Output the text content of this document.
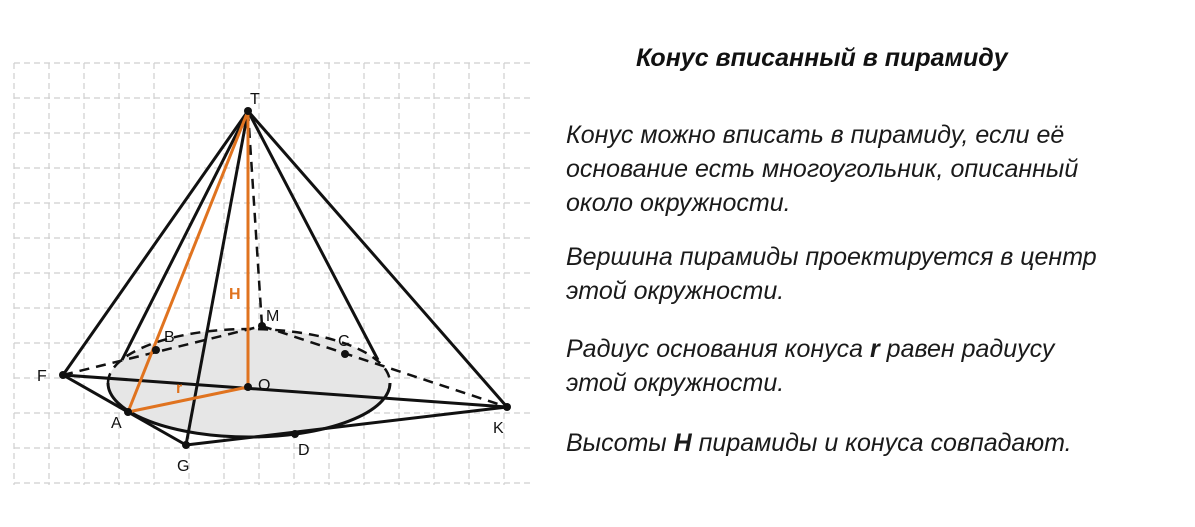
T
M
B	C
F
O
A	K
G
D
H
r
Конус вписанный в пирамиду
Конус можно вписать в пирамиду, если её
основание есть многоугольник, описанный
около окружности.
Вершина пирамиды проектируется в центр
этой окружности.
Радиус основания конуса r равен радиусу
этой окружности.
Высоты H пирамиды и конуса совпадают.
